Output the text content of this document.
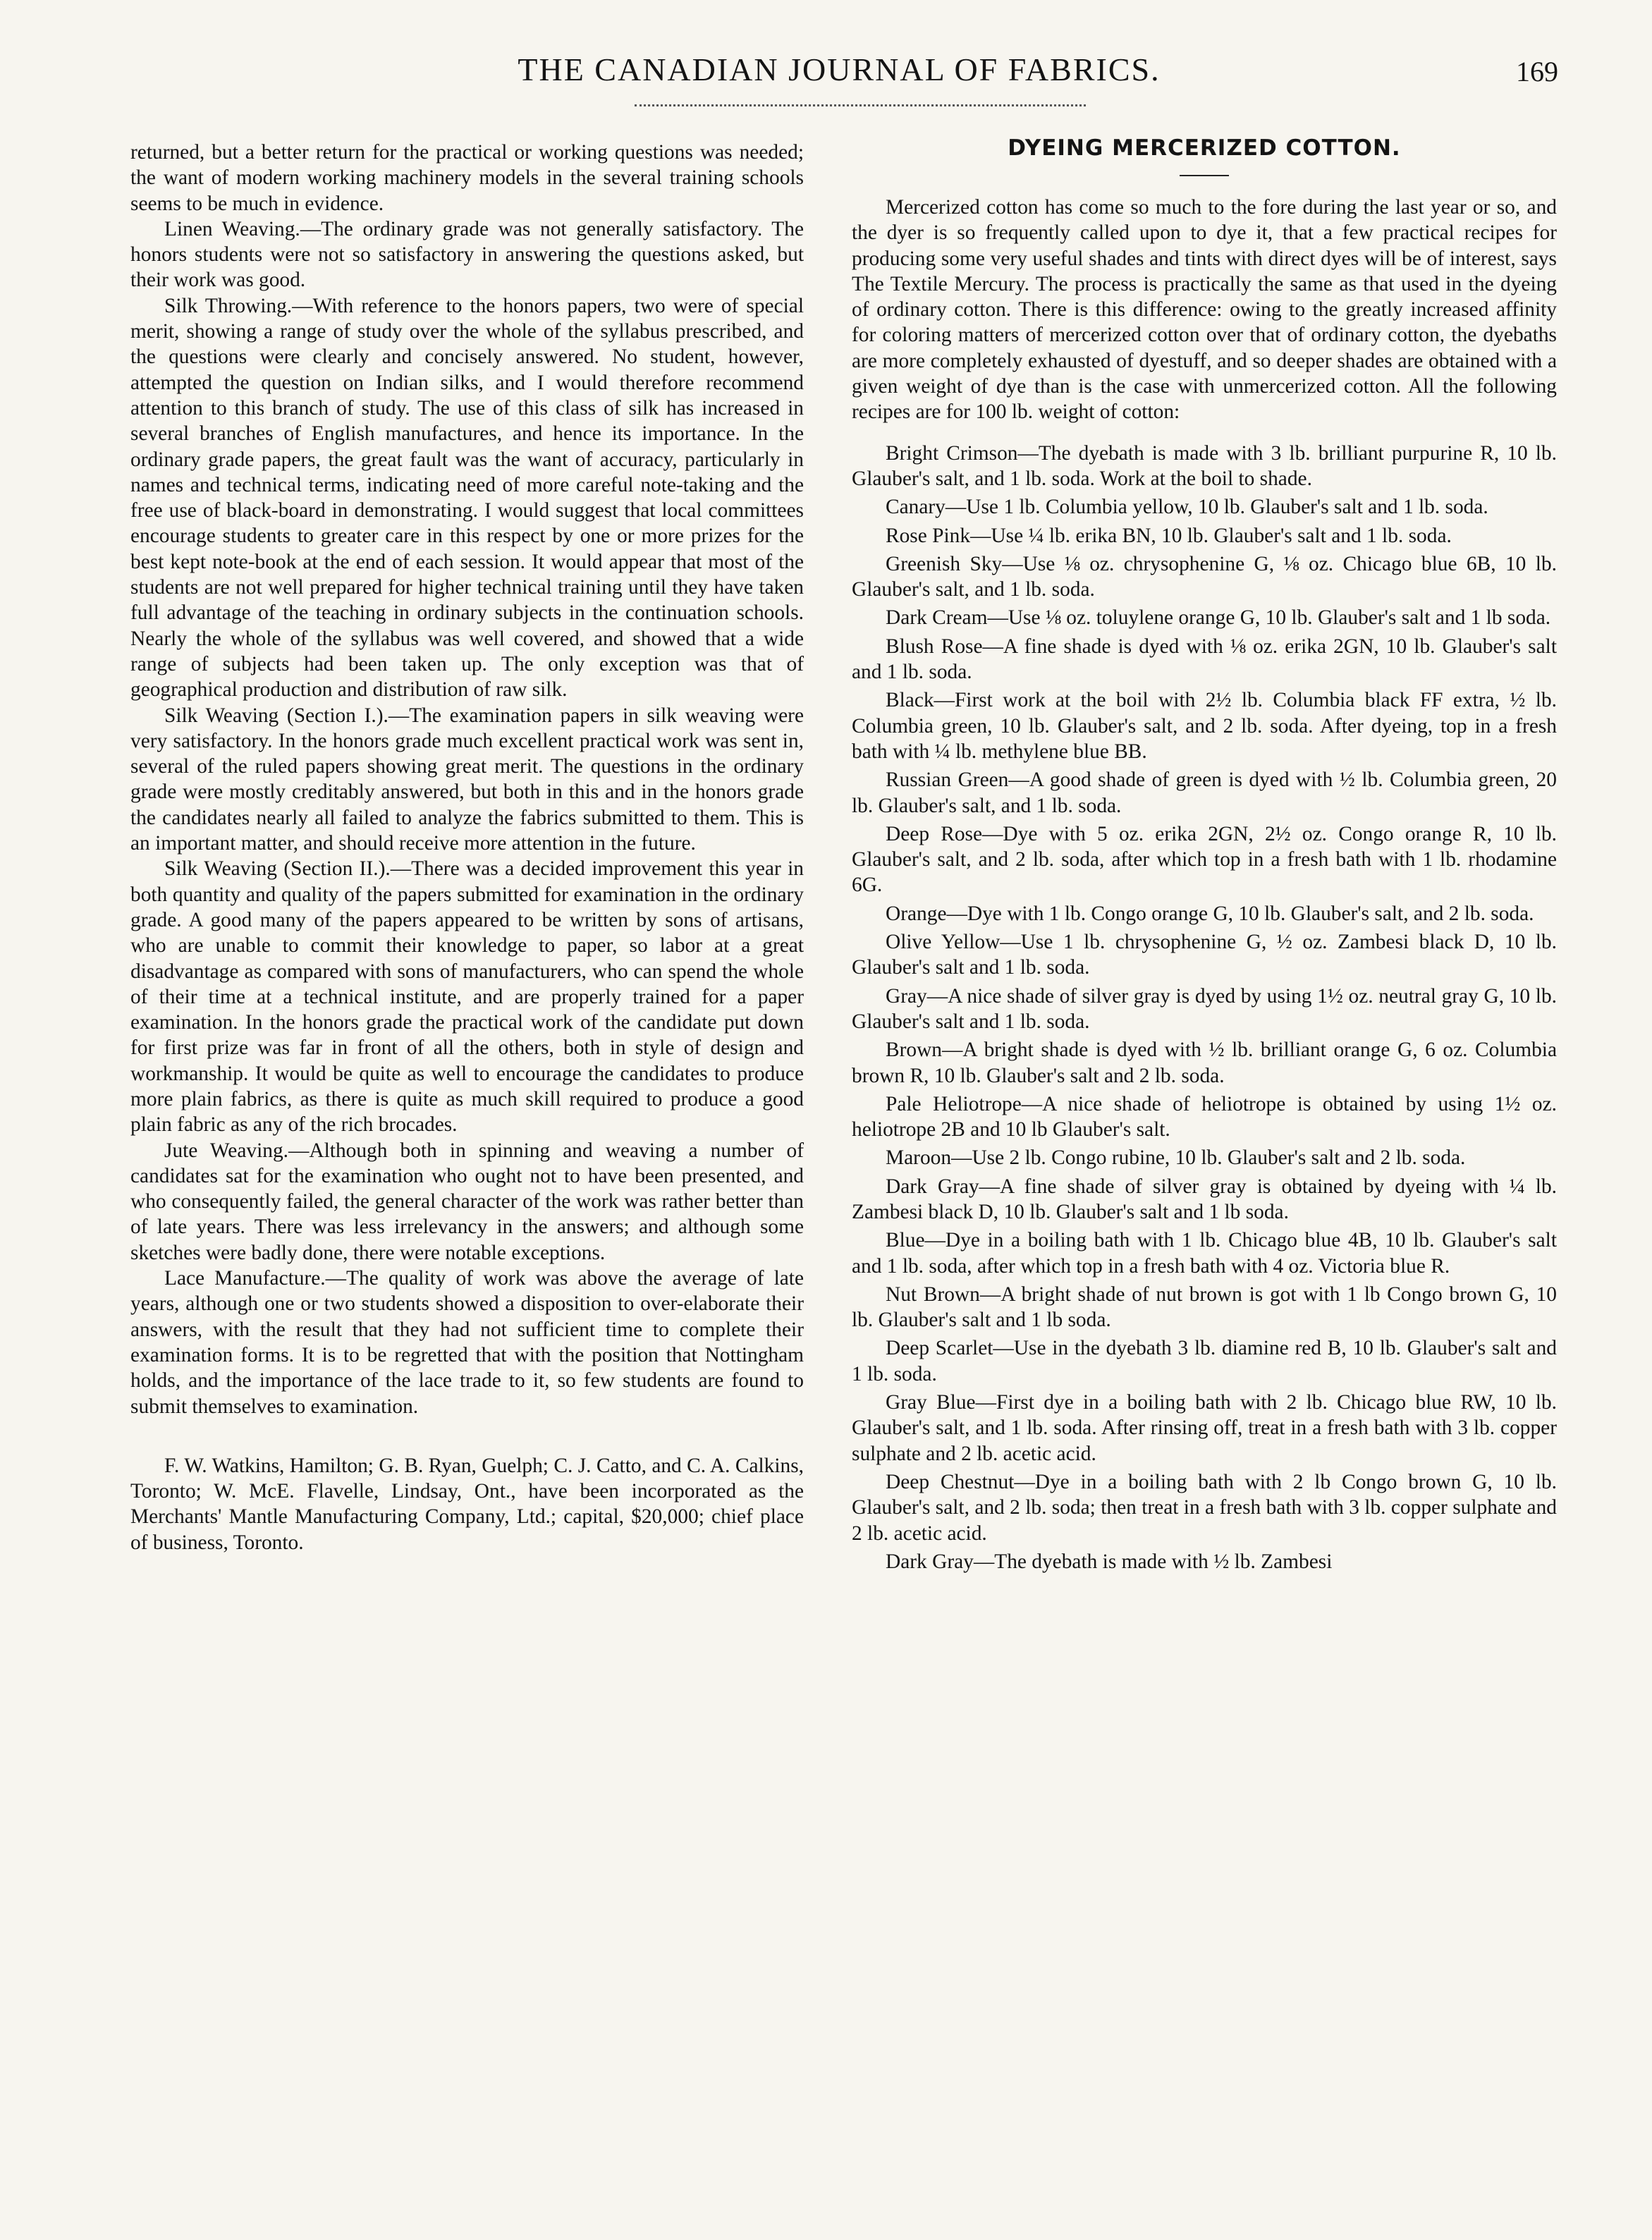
THE CANADIAN JOURNAL OF FABRICS.	169

returned, but a better return for the practical or working questions was needed; the want of modern working machinery models in the several training schools seems to be much in evidence.

Linen Weaving.—The ordinary grade was not generally satisfactory. The honors students were not so satisfactory in answering the questions asked, but their work was good.

Silk Throwing.—With reference to the honors papers, two were of special merit, showing a range of study over the whole of the syllabus prescribed, and the questions were clearly and concisely answered. No student, however, attempted the question on Indian silks, and I would therefore recommend attention to this branch of study. The use of this class of silk has increased in several branches of English manufactures, and hence its importance. In the ordinary grade papers, the great fault was the want of accuracy, particularly in names and technical terms, indicating need of more careful note-taking and the free use of black-board in demonstrating. I would suggest that local committees encourage students to greater care in this respect by one or more prizes for the best kept note-book at the end of each session. It would appear that most of the students are not well prepared for higher technical training until they have taken full advantage of the teaching in ordinary subjects in the continuation schools. Nearly the whole of the syllabus was well covered, and showed that a wide range of subjects had been taken up. The only exception was that of geographical production and distribution of raw silk.

Silk Weaving (Section I.).—The examination papers in silk weaving were very satisfactory. In the honors grade much excellent practical work was sent in, several of the ruled papers showing great merit. The questions in the ordinary grade were mostly creditably answered, but both in this and in the honors grade the candidates nearly all failed to analyze the fabrics submitted to them. This is an important matter, and should receive more attention in the future.

Silk Weaving (Section II.).—There was a decided improvement this year in both quantity and quality of the papers submitted for examination in the ordinary grade. A good many of the papers appeared to be written by sons of artisans, who are unable to commit their knowledge to paper, so labor at a great disadvantage as compared with sons of manufacturers, who can spend the whole of their time at a technical institute, and are properly trained for a paper examination. In the honors grade the practical work of the candidate put down for first prize was far in front of all the others, both in style of design and workmanship. It would be quite as well to encourage the candidates to produce more plain fabrics, as there is quite as much skill required to produce a good plain fabric as any of the rich brocades.

Jute Weaving.—Although both in spinning and weaving a number of candidates sat for the examination who ought not to have been presented, and who consequently failed, the general character of the work was rather better than of late years. There was less irrelevancy in the answers; and although some sketches were badly done, there were notable exceptions.

Lace Manufacture.—The quality of work was above the average of late years, although one or two students showed a disposition to over-elaborate their answers, with the result that they had not sufficient time to complete their examination forms. It is to be regretted that with the position that Nottingham holds, and the importance of the lace trade to it, so few students are found to submit themselves to examination.

F. W. Watkins, Hamilton; G. B. Ryan, Guelph; C. J. Catto, and C. A. Calkins, Toronto; W. McE. Flavelle, Lindsay, Ont., have been incorporated as the Merchants' Mantle Manufacturing Company, Ltd.; capital, $20,000; chief place of business, Toronto.

DYEING MERCERIZED COTTON.

Mercerized cotton has come so much to the fore during the last year or so, and the dyer is so frequently called upon to dye it, that a few practical recipes for producing some very useful shades and tints with direct dyes will be of interest, says The Textile Mercury. The process is practically the same as that used in the dyeing of ordinary cotton. There is this difference: owing to the greatly increased affinity for coloring matters of mercerized cotton over that of ordinary cotton, the dyebaths are more completely exhausted of dyestuff, and so deeper shades are obtained with a given weight of dye than is the case with unmercerized cotton. All the following recipes are for 100 lb. weight of cotton:

Bright Crimson—The dyebath is made with 3 lb. brilliant purpurine R, 10 lb. Glauber's salt, and 1 lb. soda. Work at the boil to shade.

Canary—Use 1 lb. Columbia yellow, 10 lb. Glauber's salt and 1 lb. soda.

Rose Pink—Use ¼ lb. erika BN, 10 lb. Glauber's salt and 1 lb. soda.

Greenish Sky—Use ⅛ oz. chrysophenine G, ⅛ oz. Chicago blue 6B, 10 lb. Glauber's salt, and 1 lb. soda.

Dark Cream—Use ⅛ oz. toluylene orange G, 10 lb. Glauber's salt and 1 lb soda.

Blush Rose—A fine shade is dyed with ⅛ oz. erika 2GN, 10 lb. Glauber's salt and 1 lb. soda.

Black—First work at the boil with 2½ lb. Columbia black FF extra, ½ lb. Columbia green, 10 lb. Glauber's salt, and 2 lb. soda. After dyeing, top in a fresh bath with ¼ lb. methylene blue BB.

Russian Green—A good shade of green is dyed with ½ lb. Columbia green, 20 lb. Glauber's salt, and 1 lb. soda.

Deep Rose—Dye with 5 oz. erika 2GN, 2½ oz. Congo orange R, 10 lb. Glauber's salt, and 2 lb. soda, after which top in a fresh bath with 1 lb. rhodamine 6G.

Orange—Dye with 1 lb. Congo orange G, 10 lb. Glauber's salt, and 2 lb. soda.

Olive Yellow—Use 1 lb. chrysophenine G, ½ oz. Zambesi black D, 10 lb. Glauber's salt and 1 lb. soda.

Gray—A nice shade of silver gray is dyed by using 1½ oz. neutral gray G, 10 lb. Glauber's salt and 1 lb. soda.

Brown—A bright shade is dyed with ½ lb. brilliant orange G, 6 oz. Columbia brown R, 10 lb. Glauber's salt and 2 lb. soda.

Pale Heliotrope—A nice shade of heliotrope is obtained by using 1½ oz. heliotrope 2B and 10 lb Glauber's salt.

Maroon—Use 2 lb. Congo rubine, 10 lb. Glauber's salt and 2 lb. soda.

Dark Gray—A fine shade of silver gray is obtained by dyeing with ¼ lb. Zambesi black D, 10 lb. Glauber's salt and 1 lb soda.

Blue—Dye in a boiling bath with 1 lb. Chicago blue 4B, 10 lb. Glauber's salt and 1 lb. soda, after which top in a fresh bath with 4 oz. Victoria blue R.

Nut Brown—A bright shade of nut brown is got with 1 lb Congo brown G, 10 lb. Glauber's salt and 1 lb soda.

Deep Scarlet—Use in the dyebath 3 lb. diamine red B, 10 lb. Glauber's salt and 1 lb. soda.

Gray Blue—First dye in a boiling bath with 2 lb. Chicago blue RW, 10 lb. Glauber's salt, and 1 lb. soda. After rinsing off, treat in a fresh bath with 3 lb. copper sulphate and 2 lb. acetic acid.

Deep Chestnut—Dye in a boiling bath with 2 lb Congo brown G, 10 lb. Glauber's salt, and 2 lb. soda; then treat in a fresh bath with 3 lb. copper sulphate and 2 lb. acetic acid.

Dark Gray—The dyebath is made with ½ lb. Zambesi
